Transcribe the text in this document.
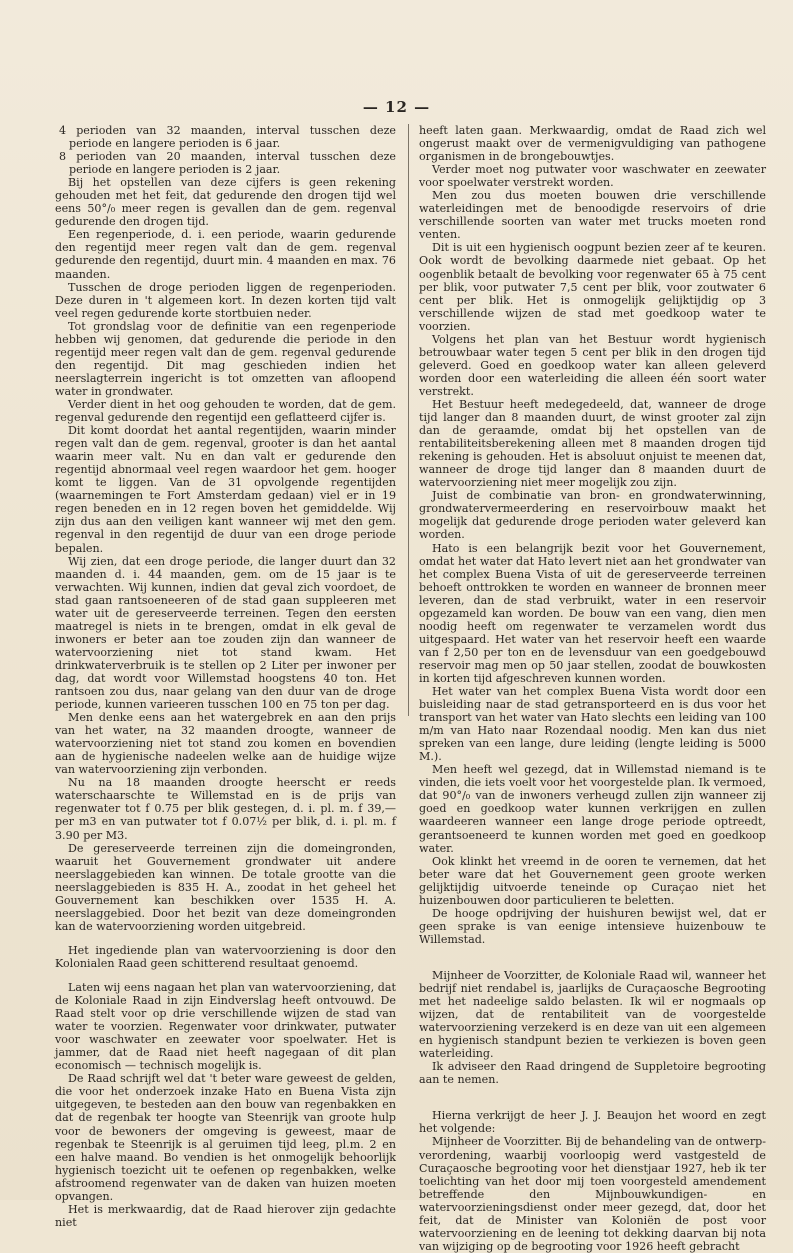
— 12 —

4 perioden van 32 maanden, interval tusschen deze periode en langere perioden is 6 jaar.

8 perioden van 20 maanden, interval tusschen deze periode en langere perioden is 2 jaar.

Bij het opstellen van deze cijfers is geen rekening gehouden met het feit, dat gedurende den drogen tijd wel eens 50°/₀ meer regen is gevallen dan de gem. regenval gedurende den drogen tijd.

Een regenperiode, d. i. een periode, waarin gedurende den regentijd meer regen valt dan de gem. regenval gedurende den regentijd, duurt min. 4 maanden en max. 76 maanden.

Tusschen de droge perioden liggen de regenperioden. Deze duren in 't algemeen kort. In dezen korten tijd valt veel regen gedurende korte stortbuien neder.

Tot grondslag voor de definitie van een regenperiode hebben wij genomen, dat gedurende die periode in den regentijd meer regen valt dan de gem. regenval gedurende den regentijd. Dit mag geschieden indien het neerslagterrein ingericht is tot omzetten van afloopend water in grondwater.

Verder dient in het oog gehouden te worden, dat de gem. regenval gedurende den regentijd een geflatteerd cijfer is.

Dit komt doordat het aantal regentijden, waarin minder regen valt dan de gem. regenval, grooter is dan het aantal waarin meer valt. Nu en dan valt er gedurende den regentijd abnormaal veel regen waardoor het gem. hooger komt te liggen. Van de 31 opvolgende regentijden (waarnemingen te Fort Amsterdam gedaan) viel er in 19 regen beneden en in 12 regen boven het gemiddelde. Wij zijn dus aan den veiligen kant wanneer wij met den gem. regenval in den regentijd de duur van een droge periode bepalen.

Wij zien, dat een droge periode, die langer duurt dan 32 maanden d. i. 44 maanden, gem. om de 15 jaar is te verwachten. Wij kunnen, indien dat geval zich voordoet, de stad gaan rantsoeneeren of de stad gaan suppleeren met water uit de gereserveerde terreinen. Tegen den eersten maatregel is niets in te brengen, omdat in elk geval de inwoners er beter aan toe zouden zijn dan wanneer de watervoorziening niet tot stand kwam. Het drinkwaterverbruik is te stellen op 2 Liter per inwoner per dag, dat wordt voor Willemstad hoogstens 40 ton. Het rantsoen zou dus, naar gelang van den duur van de droge periode, kunnen varieeren tusschen 100 en 75 ton per dag.

Men denke eens aan het watergebrek en aan den prijs van het water, na 32 maanden droogte, wanneer de watervoorziening niet tot stand zou komen en bovendien aan de hygienische nadeelen welke aan de huidige wijze van watervoorziening zijn verbonden.

Nu na 18 maanden droogte heerscht er reeds waterschaarschte te Willemstad en is de prijs van regenwater tot f 0.75 per blik gestegen, d. i. pl. m. f 39,— per m3 en van putwater tot f 0.07½ per blik, d. i. pl. m. f 3.90 per M3.

De gereserveerde terreinen zijn die domeingronden, waaruit het Gouvernement grondwater uit andere neerslaggebieden kan winnen. De totale grootte van die neerslaggebieden is 835 H. A., zoodat in het geheel het Gouvernement kan beschikken over 1535 H. A. neerslaggebied. Door het bezit van deze domeingronden kan de watervoorziening worden uitgebreid.

Het ingediende plan van watervoorziening is door den Kolonialen Raad geen schitterend resultaat genoemd.

Laten wij eens nagaan het plan van watervoorziening, dat de Koloniale Raad in zijn Eindverslag heeft ontvouwd. De Raad stelt voor op drie verschillende wijzen de stad van water te voorzien. Regenwater voor drinkwater, putwater voor waschwater en zeewater voor spoelwater. Het is jammer, dat de Raad niet heeft nagegaan of dit plan economisch — technisch mogelijk is.

De Raad schrijft wel dat 't beter ware geweest de gelden, die voor het onderzoek inzake Hato en Buena Vista zijn uitgegeven, te besteden aan den bouw van regenbakken en dat de regenbak ter hoogte van Steenrijk van groote hulp voor de bewoners der omgeving is geweest, maar de regenbak te Steenrijk is al geruimen tijd leeg, pl.m. 2 en een halve maand. Bo vendien is het onmogelijk behoorlijk hygienisch toezicht uit te oefenen op regenbakken, welke afstroomend regenwater van de daken van huizen moeten opvangen.

Het is merkwaardig, dat de Raad hierover zijn gedachte niet

heeft laten gaan. Merkwaardig, omdat de Raad zich wel ongerust maakt over de vermenigvuldiging van pathogene organismen in de brongebouwtjes.

Verder moet nog putwater voor waschwater en zeewater voor spoelwater verstrekt worden.

Men zou dus moeten bouwen drie verschillende waterleidingen met de benoodigde reservoirs of drie verschillende soorten van water met trucks moeten rond venten.

Dit is uit een hygienisch oogpunt bezien zeer af te keuren. Ook wordt de bevolking daarmede niet gebaat. Op het oogenblik betaalt de bevolking voor regenwater 65 à 75 cent per blik, voor putwater 7,5 cent per blik, voor zoutwater 6 cent per blik. Het is onmogelijk gelijktijdig op 3 verschillende wijzen de stad met goedkoop water te voorzien.

Volgens het plan van het Bestuur wordt hygienisch betrouwbaar water tegen 5 cent per blik in den drogen tijd geleverd. Goed en goedkoop water kan alleen geleverd worden door een waterleiding die alleen één soort water verstrekt.

Het Bestuur heeft medegedeeld, dat, wanneer de droge tijd langer dan 8 maanden duurt, de winst grooter zal zijn dan de geraamde, omdat bij het opstellen van de rentabiliteitsberekening alleen met 8 maanden drogen tijd rekening is gehouden. Het is absoluut onjuist te meenen dat, wanneer de droge tijd langer dan 8 maanden duurt de watervoorziening niet meer mogelijk zou zijn.

Juist de combinatie van bron- en grondwaterwinning, grondwatervermeerdering en reservoirbouw maakt het mogelijk dat gedurende droge perioden water geleverd kan worden.

Hato is een belangrijk bezit voor het Gouvernement, omdat het water dat Hato levert niet aan het grondwater van het complex Buena Vista of uit de gereserveerde terreinen behoeft onttrokken te worden en wanneer de bronnen meer leveren, dan de stad verbruikt, water in een reservoir opgezameld kan worden. De bouw van een vang, dien men noodig heeft om regenwater te verzamelen wordt dus uitgespaard. Het water van het reservoir heeft een waarde van f 2,50 per ton en de levensduur van een goedgebouwd reservoir mag men op 50 jaar stellen, zoodat de bouwkosten in korten tijd afgeschreven kunnen worden.

Het water van het complex Buena Vista wordt door een buisleiding naar de stad getransporteerd en is dus voor het transport van het water van Hato slechts een leiding van 100 m/m van Hato naar Rozendaal noodig. Men kan dus niet spreken van een lange, dure leiding (lengte leiding is 5000 M.).

Men heeft wel gezegd, dat in Willemstad niemand is te vinden, die iets voelt voor het voorgestelde plan. Ik vermoed, dat 90°/₀ van de inwoners verheugd zullen zijn wanneer zij goed en goedkoop water kunnen verkrijgen en zullen waardeeren wanneer een lange droge periode optreedt, gerantsoeneerd te kunnen worden met goed en goedkoop water.

Ook klinkt het vreemd in de ooren te vernemen, dat het beter ware dat het Gouvernement geen groote werken gelijktijdig uitvoerde teneinde op Curaçao niet het huizenbouwen door particulieren te beletten.

De hooge opdrijving der huishuren bewijst wel, dat er geen sprake is van eenige intensieve huizenbouw te Willemstad.

Mijnheer de Voorzitter, de Koloniale Raad wil, wanneer het bedrijf niet rendabel is, jaarlijks de Curaçaosche Begrooting met het nadeelige saldo belasten. Ik wil er nogmaals op wijzen, dat de rentabiliteit van de voorgestelde watervoorziening verzekerd is en deze van uit een algemeen en hygienisch standpunt bezien te verkiezen is boven geen waterleiding.

Ik adviseer den Raad dringend de Suppletoire begrooting aan te nemen.

Hierna verkrijgt de heer J. J. Beaujon het woord en zegt het volgende:

Mijnheer de Voorzitter. Bij de behandeling van de ontwerp-verordening, waarbij voorloopig werd vastgesteld de Curaçaosche begrooting voor het dienstjaar 1927, heb ik ter toelichting van het door mij toen voorgesteld amendement betreffende den Mijnbouwkundigen- en watervoorzieningsdienst onder meer gezegd, dat, door het feit, dat de Minister van Koloniën de post voor watervoorziening en de leening tot dekking daarvan bij nota van wijziging op de begrooting voor 1926 heeft gebracht
